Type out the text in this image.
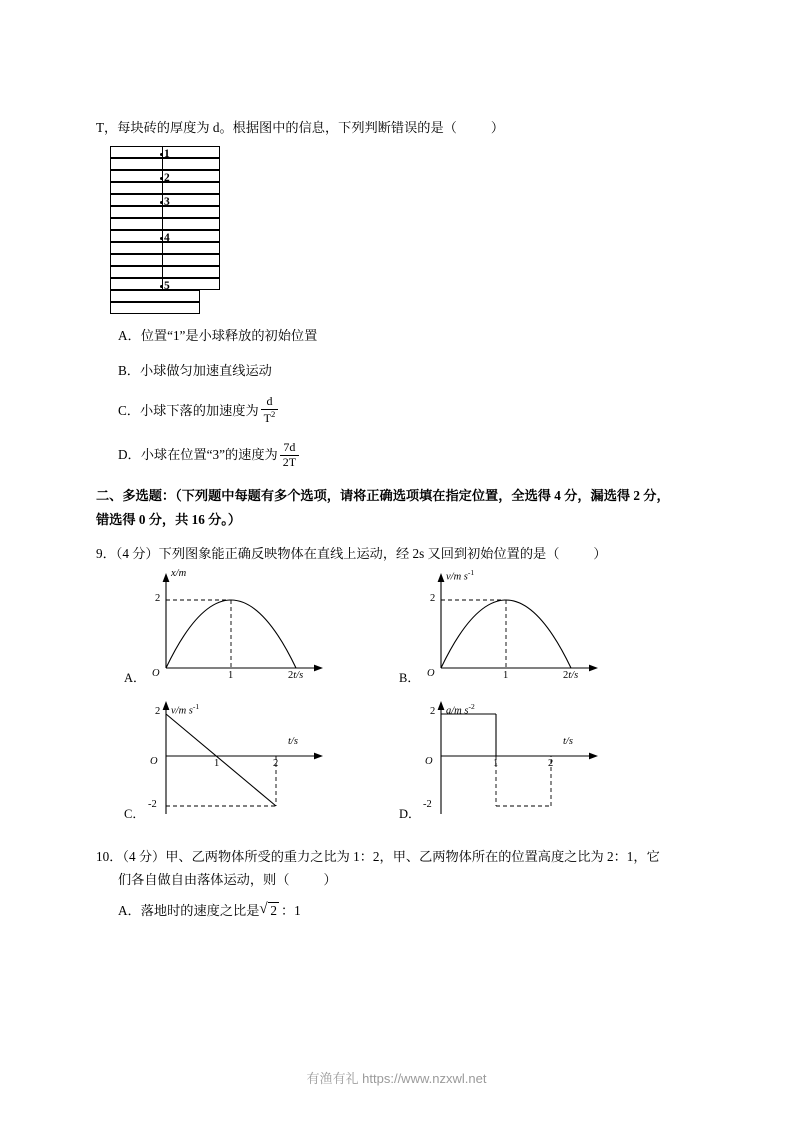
T，每块砖的厚度为 d。根据图中的信息，下列判断错误的是（	）
1
2
3
4
5
A．位置“1”是小球释放的初始位置
B．小球做匀加速直线运动
C．小球下落的加速度为 $\frac{d}{T^2}$
D．小球在位置“3”的速度为 $\frac{7d}{2T}$
二、多选题：（下列题中每题有多个选项，请将正确选项填在指定位置，全选得 4 分，漏选得 2 分，
错选得 0 分，共 16 分。）
9．（4 分）下列图象能正确反映物体在直线上运动，经 2s 又回到初始位置的是（	）
x/m
O
2
1	2t/s
A．
v/m $s^{-1}$
O
2
1	2t/s
B．
v/m $s^{-1}$
2
O	1	2
t/s
-2
C．
a/m $s^{-2}$
2
O	1	2
t/s
-2
D．
10．（4 分）甲、乙两物体所受的重力之比为 1：2，甲、乙两物体所在的位置高度之比为 2：1，它
们各自做自由落体运动，则（	）
A．落地时的速度之比是 √ 2 ：1
有渔有礼 https://www.nzxwl.net
